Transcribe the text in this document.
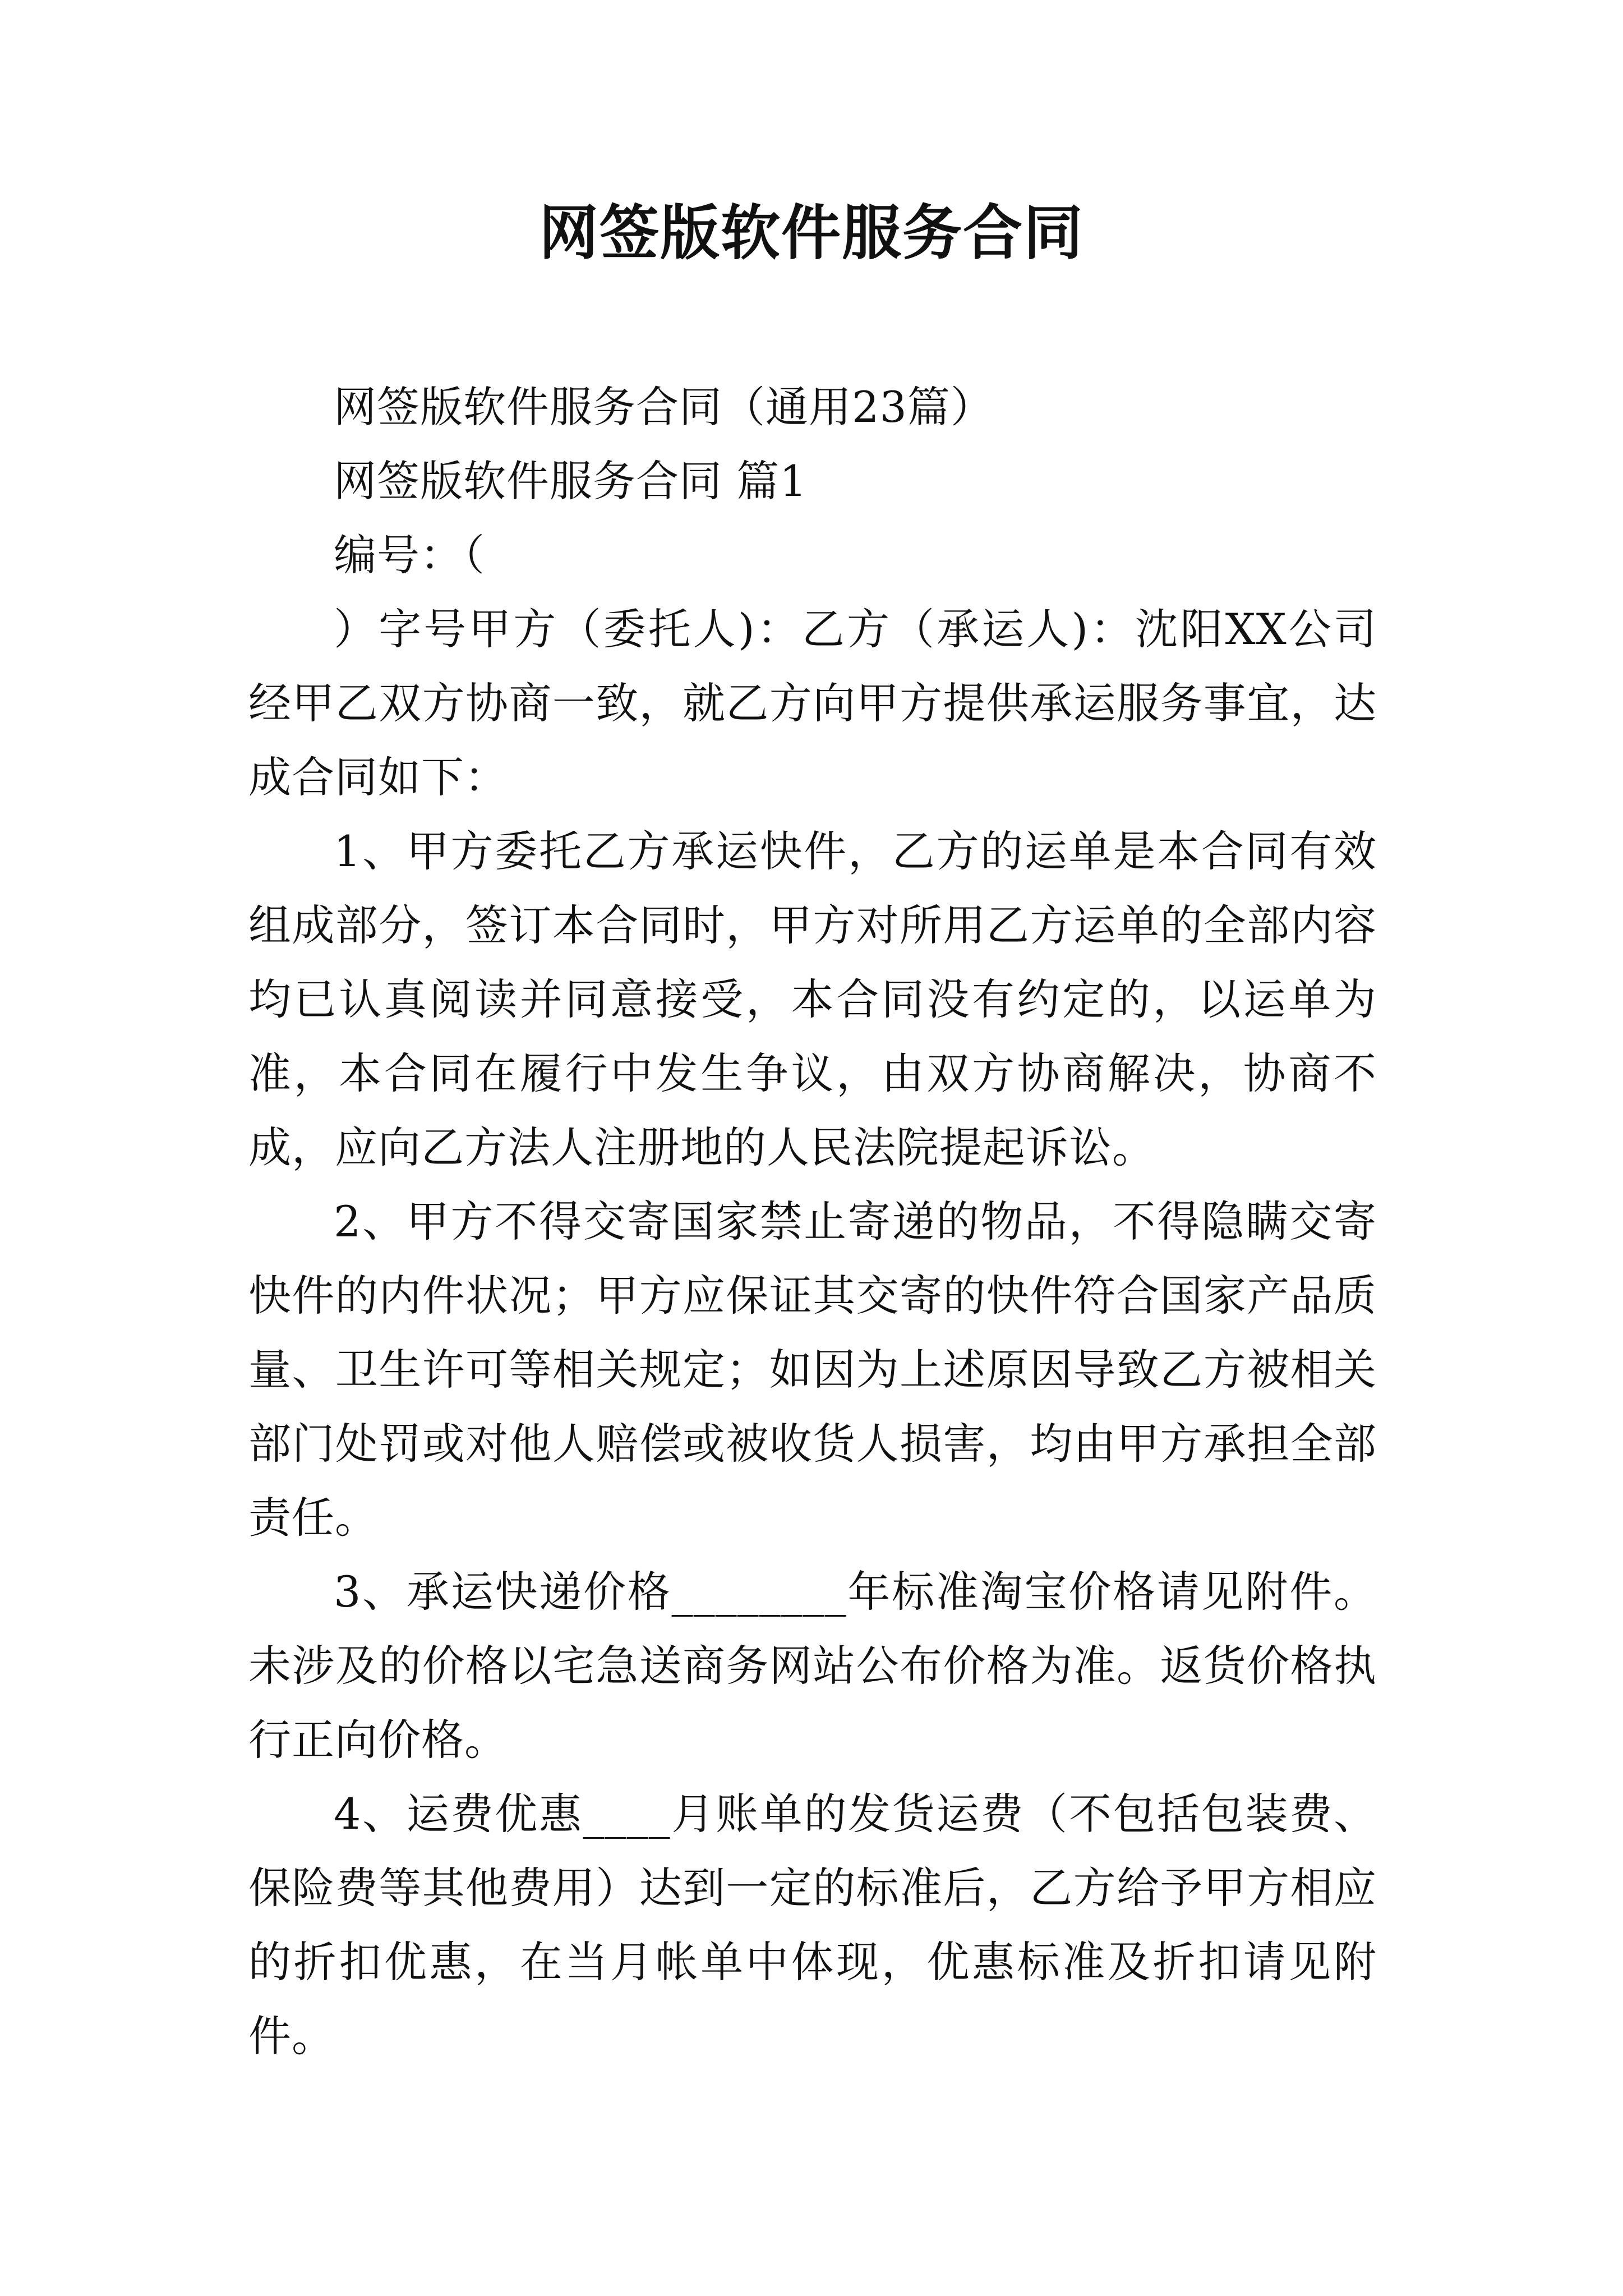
网签版软件服务合同

网签版软件服务合同（通用23篇）

网签版软件服务合同 篇1

编号：（

）字号甲方（委托人)：乙方（承运人)：沈阳XX公司经甲乙双方协商一致，就乙方向甲方提供承运服务事宜，达成合同如下：

1、甲方委托乙方承运快件，乙方的运单是本合同有效组成部分，签订本合同时，甲方对所用乙方运单的全部内容均已认真阅读并同意接受，本合同没有约定的，以运单为准，本合同在履行中发生争议，由双方协商解决，协商不成，应向乙方法人注册地的人民法院提起诉讼。

2、甲方不得交寄国家禁止寄递的物品，不得隐瞒交寄快件的内件状况；甲方应保证其交寄的快件符合国家产品质量、卫生许可等相关规定；如因为上述原因导致乙方被相关部门处罚或对他人赔偿或被收货人损害，均由甲方承担全部责任。

3、承运快递价格________年标准淘宝价格请见附件。未涉及的价格以宅急送商务网站公布价格为准。返货价格执行正向价格。

4、运费优惠____月账单的发货运费（不包括包装费、保险费等其他费用）达到一定的标准后，乙方给予甲方相应的折扣优惠，在当月帐单中体现，优惠标准及折扣请见附件。
